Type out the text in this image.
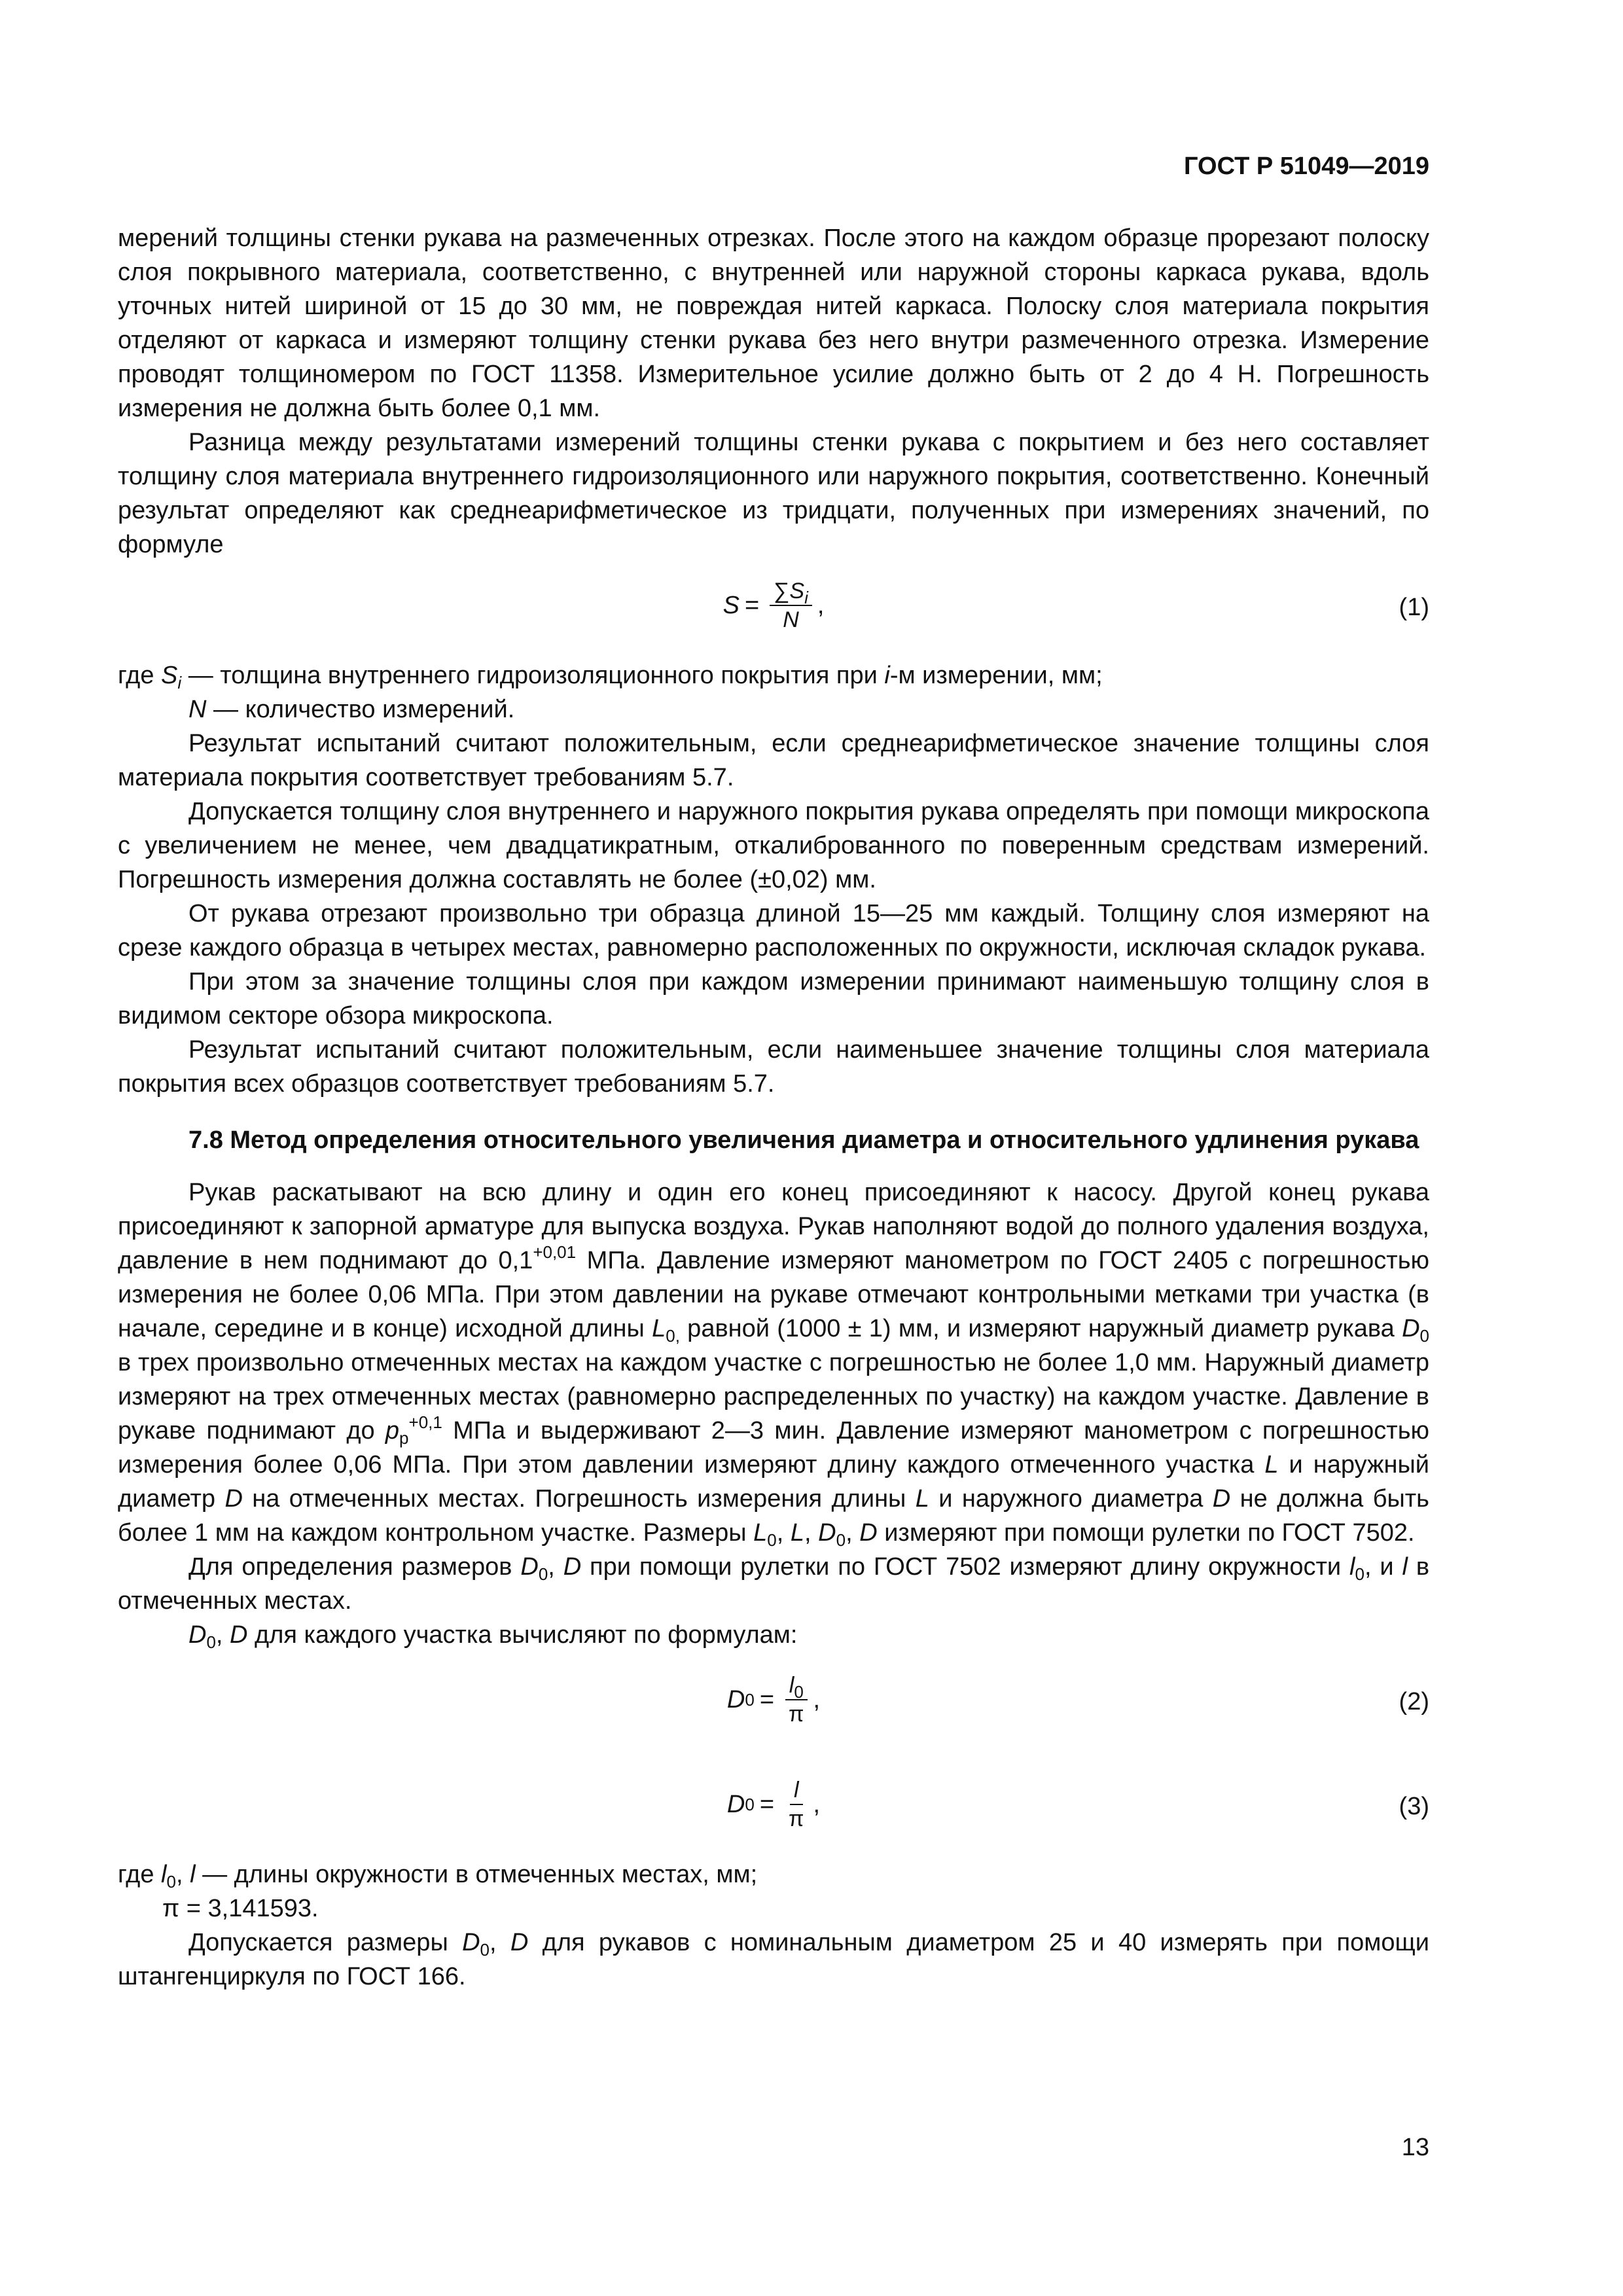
ГОСТ Р 51049—2019

мерений толщины стенки рукава на размеченных отрезках. После этого на каждом образце прорезают полоску слоя покрывного материала, соответственно, с внутренней или наружной стороны каркаса рукава, вдоль уточных нитей шириной от 15 до 30 мм, не повреждая нитей каркаса. Полоску слоя материала покрытия отделяют от каркаса и измеряют толщину стенки рукава без него внутри размеченного отрезка. Измерение проводят толщиномером по ГОСТ 11358. Измерительное усилие должно быть от 2 до 4 Н. Погрешность измерения не должна быть более 0,1 мм.

Разница между результатами измерений толщины стенки рукава с покрытием и без него составляет толщину слоя материала внутреннего гидроизоляционного или наружного покрытия, соответственно. Конечный результат определяют как среднеарифметическое из тридцати, полученных при измерениях значений, по формуле

$S = \frac{\sum S_i}{N}$ ,	(1)

где $S_i$ — толщина внутреннего гидроизоляционного покрытия при i-м измерении, мм;

N — количество измерений.

Результат испытаний считают положительным, если среднеарифметическое значение толщины слоя материала покрытия соответствует требованиям 5.7.

Допускается толщину слоя внутреннего и наружного покрытия рукава определять при помощи микроскопа с увеличением не менее, чем двадцатикратным, откалиброванного по поверенным средствам измерений. Погрешность измерения должна составлять не более (±0,02) мм.

От рукава отрезают произвольно три образца длиной 15—25 мм каждый. Толщину слоя измеряют на срезе каждого образца в четырех местах, равномерно расположенных по окружности, исключая складок рукава.

При этом за значение толщины слоя при каждом измерении принимают наименьшую толщину слоя в видимом секторе обзора микроскопа.

Результат испытаний считают положительным, если наименьшее значение толщины слоя материала покрытия всех образцов соответствует требованиям 5.7.

7.8 Метод определения относительного увеличения диаметра и относительного удлинения рукава

Рукав раскатывают на всю длину и один его конец присоединяют к насосу. Другой конец рукава присоединяют к запорной арматуре для выпуска воздуха. Рукав наполняют водой до полного удаления воздуха, давление в нем поднимают до $0,1^{+0,01}$ МПа. Давление измеряют манометром по ГОСТ 2405 с погрешностью измерения не более 0,06 МПа. При этом давлении на рукаве отмечают контрольными метками три участка (в начале, середине и в конце) исходной длины $L_{0,}$ равной (1000 ± 1) мм, и измеряют наружный диаметр рукава $D_0$ в трех произвольно отмеченных местах на каждом участке с погрешностью не более 1,0 мм. Наружный диаметр измеряют на трех отмеченных местах (равномерно распределенных по участку) на каждом участке. Давление в рукаве поднимают до $p_р^{+0,1}$ МПа и выдерживают 2—3 мин. Давление измеряют манометром с погрешностью измерения более 0,06 МПа. При этом давлении измеряют длину каждого отмеченного участка L и наружный диаметр D на отмеченных местах. Погрешность измерения длины L и наружного диаметра D не должна быть более 1 мм на каждом контрольном участке. Размеры $L_0$, L, $D_0$, D измеряют при помощи рулетки по ГОСТ 7502.

Для определения размеров $D_0$, D при помощи рулетки по ГОСТ 7502 измеряют длину окружности $l_0$, и l в отмеченных местах.

$D_0$, D для каждого участка вычисляют по формулам:

D $0 = \frac{l_0}{\pi}$ ,	(2)
D $0 = \frac{l}{\pi}$ ,	(3)

где $l_0$, l — длины окружности в отмеченных местах, мм;

π = 3,141593.

Допускается размеры $D_0$, D для рукавов с номинальным диаметром 25 и 40 измерять при помощи штангенциркуля по ГОСТ 166.

13
